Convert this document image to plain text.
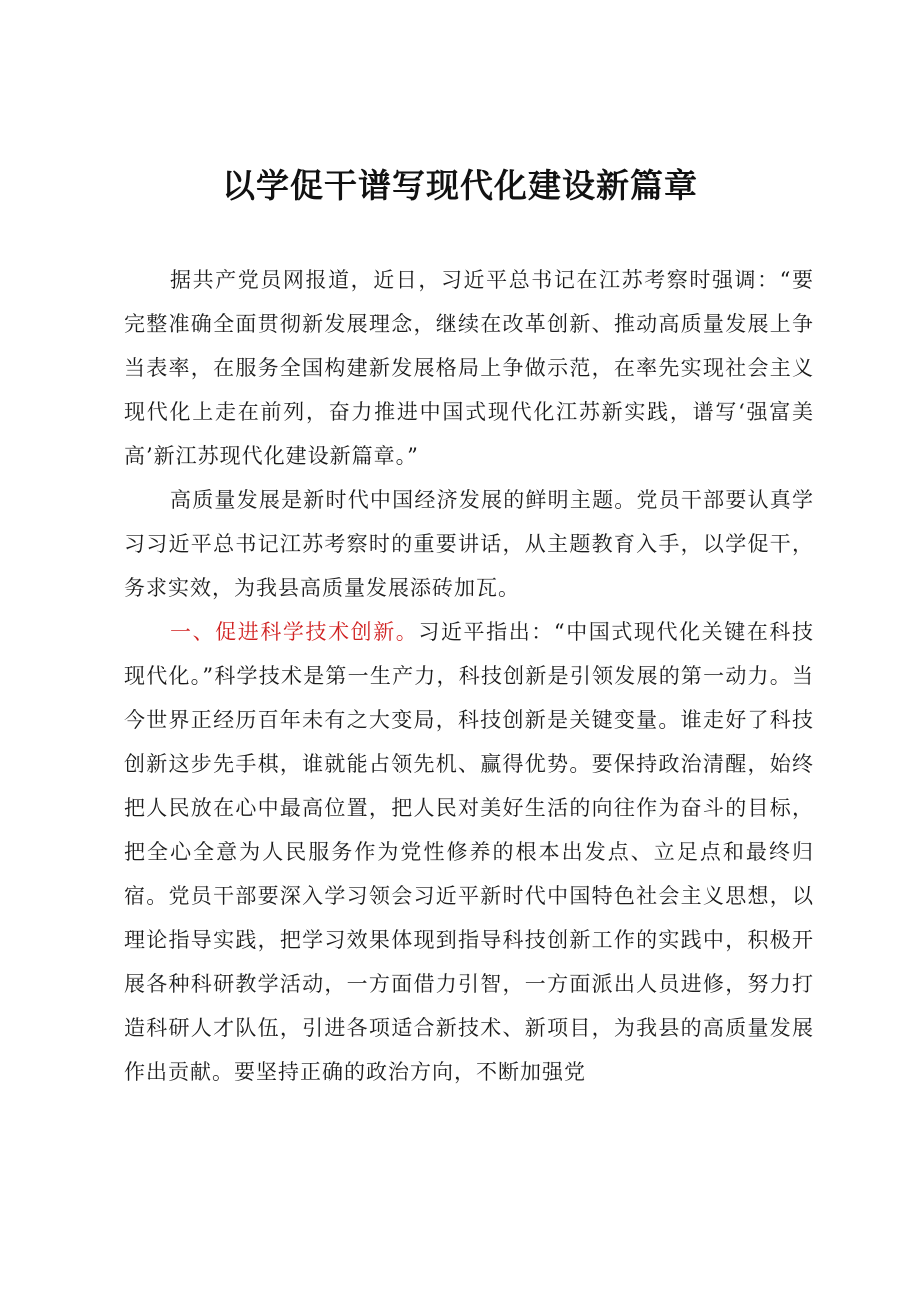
以学促干谱写现代化建设新篇章

据共产党员网报道，近日，习近平总书记在江苏考察时强调：“要完整准确全面贯彻新发展理念，继续在改革创新、推动高质量发展上争当表率，在服务全国构建新发展格局上争做示范，在率先实现社会主义现代化上走在前列，奋力推进中国式现代化江苏新实践，谱写‘强富美高’新江苏现代化建设新篇章。”

高质量发展是新时代中国经济发展的鲜明主题。党员干部要认真学习习近平总书记江苏考察时的重要讲话，从主题教育入手，以学促干，务求实效，为我县高质量发展添砖加瓦。

一、促进科学技术创新。习近平指出：“中国式现代化关键在科技现代化。”科学技术是第一生产力，科技创新是引领发展的第一动力。当今世界正经历百年未有之大变局，科技创新是关键变量。谁走好了科技创新这步先手棋，谁就能占领先机、赢得优势。要保持政治清醒，始终把人民放在心中最高位置，把人民对美好生活的向往作为奋斗的目标，把全心全意为人民服务作为党性修养的根本出发点、立足点和最终归宿。党员干部要深入学习领会习近平新时代中国特色社会主义思想，以理论指导实践，把学习效果体现到指导科技创新工作的实践中，积极开展各种科研教学活动，一方面借力引智，一方面派出人员进修，努力打造科研人才队伍，引进各项适合新技术、新项目，为我县的高质量发展作出贡献。要坚持正确的政治方向，不断加强党
